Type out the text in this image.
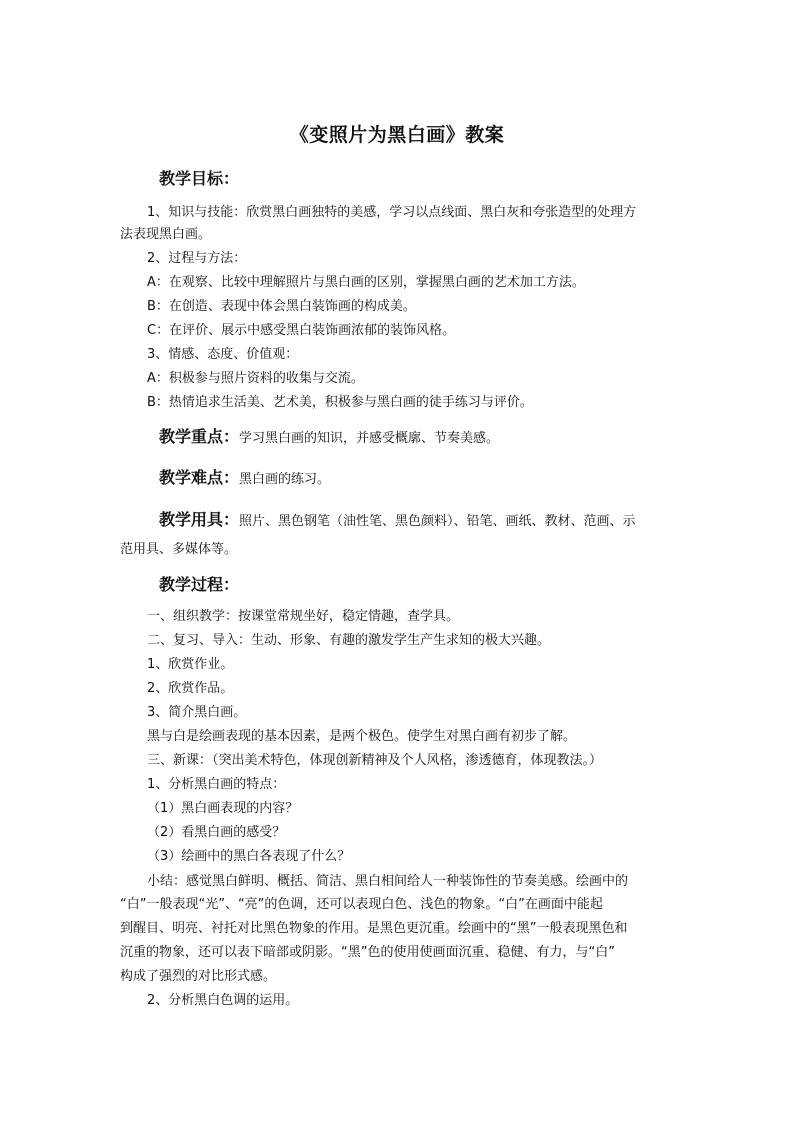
《变照片为黑白画》教案
教学目标：
1、知识与技能：欣赏黑白画独特的美感，学习以点线面、黑白灰和夸张造型的处理方
法表现黑白画。
2、过程与方法：
A：在观察、比较中理解照片与黑白画的区别，掌握黑白画的艺术加工方法。
B：在创造、表现中体会黑白装饰画的构成美。
C：在评价、展示中感受黑白装饰画浓郁的装饰风格。
3、情感、态度、价值观：
A：积极参与照片资料的收集与交流。
B：热情追求生活美、艺术美，积极参与黑白画的徒手练习与评价。
教学重点：学习黑白画的知识，并感受概廓、节奏美感。
教学难点：黑白画的练习。
教学用具：照片、黑色钢笔（油性笔、黑色颜料）、铅笔、画纸、教材、范画、示
范用具、多媒体等。
教学过程：
一、组织教学：按课堂常规坐好，稳定情趣，查学具。
二、复习、导入：生动、形象、有趣的激发学生产生求知的极大兴趣。
1、欣赏作业。
2、欣赏作品。
3、简介黑白画。
黑与白是绘画表现的基本因素，是两个极色。使学生对黑白画有初步了解。
三、新课：（突出美术特色，体现创新精神及个人风格，渗透德育，体现教法。）
1、分析黑白画的特点：
（1）黑白画表现的内容？
（2）看黑白画的感受？
（3）绘画中的黑白各表现了什么？
小结：感觉黑白鲜明、概括、简洁、黑白相间给人一种装饰性的节奏美感。绘画中的
“白”一般表现“光”、“亮”的色调，还可以表现白色、浅色的物象。“白”在画面中能起
到醒目、明亮、衬托对比黑色物象的作用。是黑色更沉重。绘画中的“黑”一般表现黑色和
沉重的物象，还可以表下暗部或阴影。“黑”色的使用使画面沉重、稳健、有力，与“白”
构成了强烈的对比形式感。
2、分析黑白色调的运用。
